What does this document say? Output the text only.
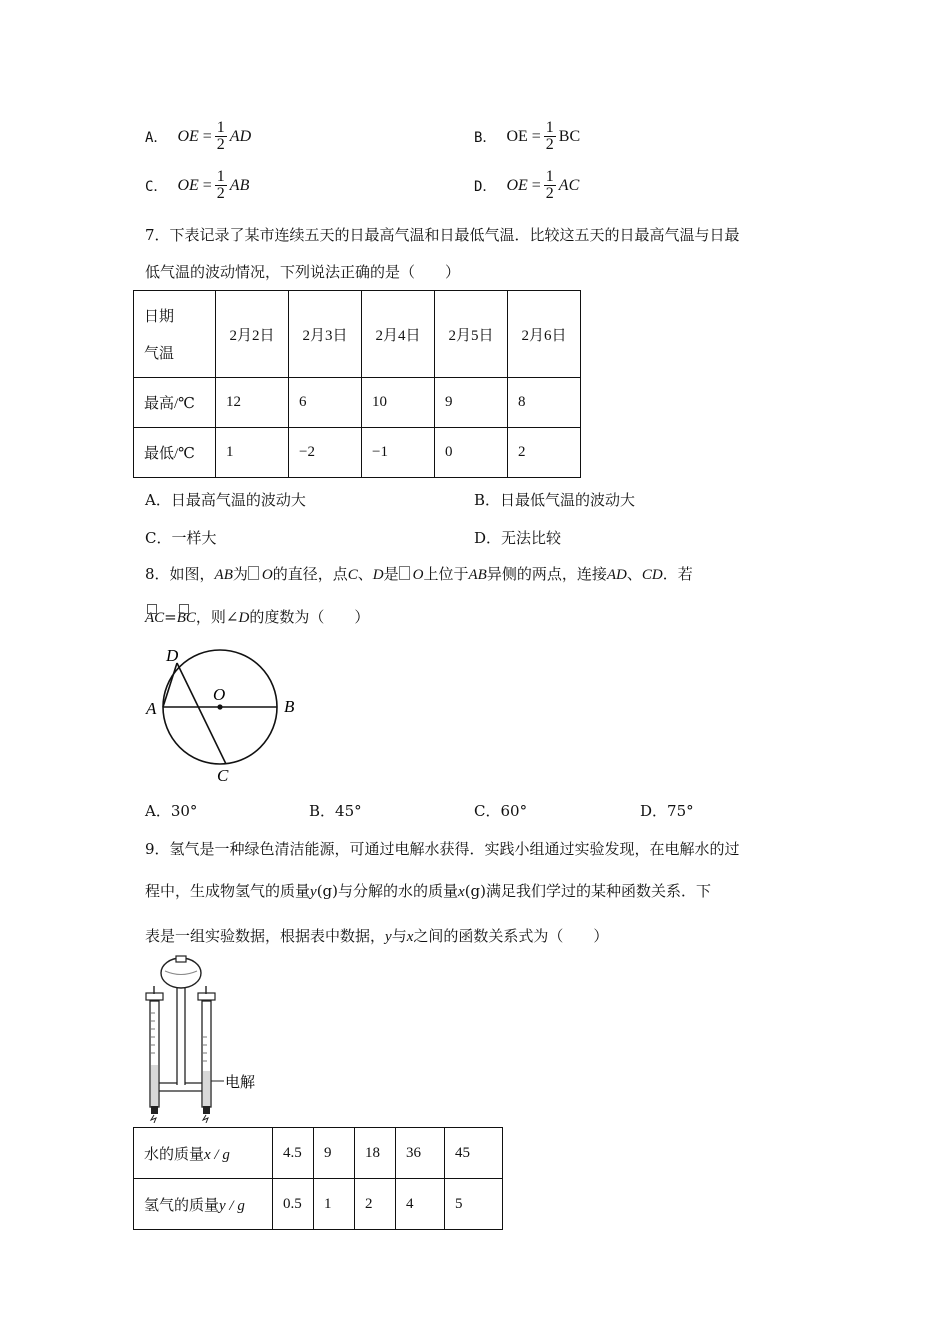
A． OE = $\frac{1}{2}$ AD	B． OE = $\frac{1}{2}$ BC
C． OE = $\frac{1}{2}$ AB	D． OE = $\frac{1}{2}$ AC
7．下表记录了某市连续五天的日最高气温和日最低气温．比较这五天的日最高气温与日最
低气温的波动情况，下列说法正确的是（　　）
日期
气温	2月2日	2月3日	2月4日	2月5日	2月6日
最高/℃	12	6	10	9	8
最低/℃	1	−2	−1	0	2
A．日最高气温的波动大	B．日最低气温的波动大
C．一样大	D．无法比较
8．如图，AB为 O的直径，点C、D是 O上位于AB异侧的两点，连接AD、CD．若
AC=BC，则∠D的度数为（　　）
D
O
A	B
C
A．30°	B．45°	C．60°	D．75°
9．氢气是一种绿色清洁能源，可通过电解水获得．实践小组通过实验发现，在电解水的过
程中，生成物氢气的质量y(g)与分解的水的质量x(g)满足我们学过的某种函数关系．下
表是一组实验数据，根据表中数据，y与x之间的函数关系式为（　　）
电解
水的质量x / g	4.5	9	18	36	45
氢气的质量y / g	0.5	1	2	4	5
